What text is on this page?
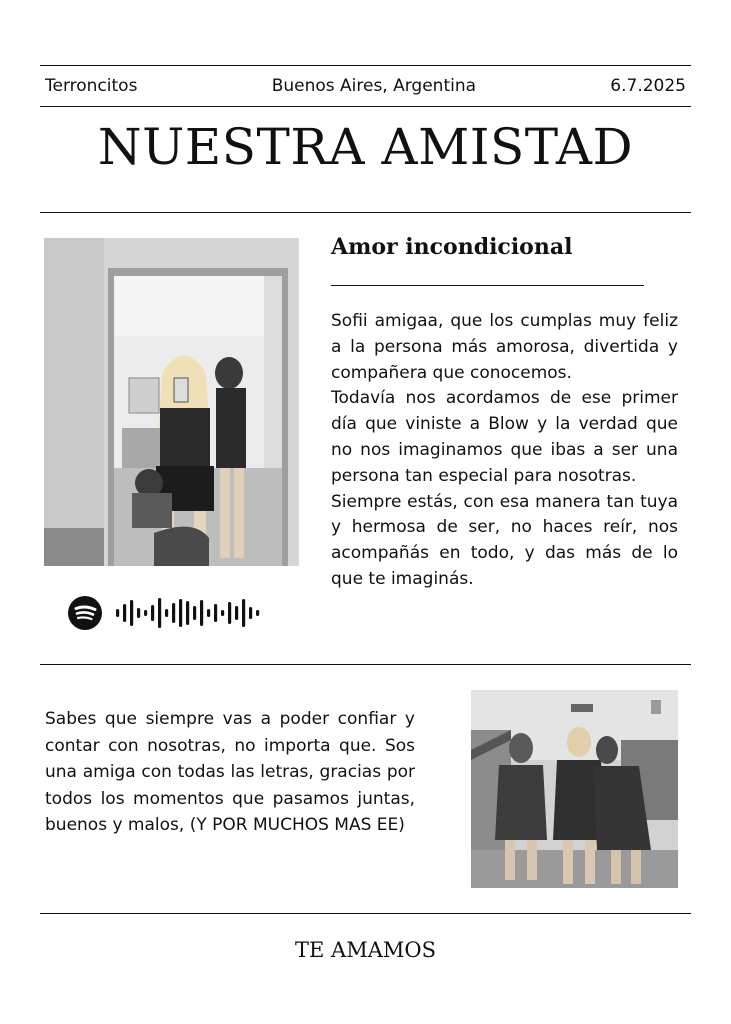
Terroncitos	Buenos Aires, Argentina	6.7.2025
NUESTRA AMISTAD
Amor incondicional

Sofii amigaa, que los cumplas muy feliz a la persona más amorosa, divertida y compañera que conocemos.

Todavía nos acordamos de ese primer día que viniste a Blow y la verdad que no nos imaginamos que ibas a ser una persona tan especial para nosotras.

Siempre estás, con esa manera tan tuya y hermosa de ser, no haces reír, nos acompañás en todo, y das más de lo que te imaginás.

Sabes que siempre vas a poder confiar y contar con nosotras, no importa que. Sos una amiga con todas las letras, gracias por todos los momentos que pasamos juntas, buenos y malos, (Y POR MUCHOS MAS EE)

TE AMAMOS
